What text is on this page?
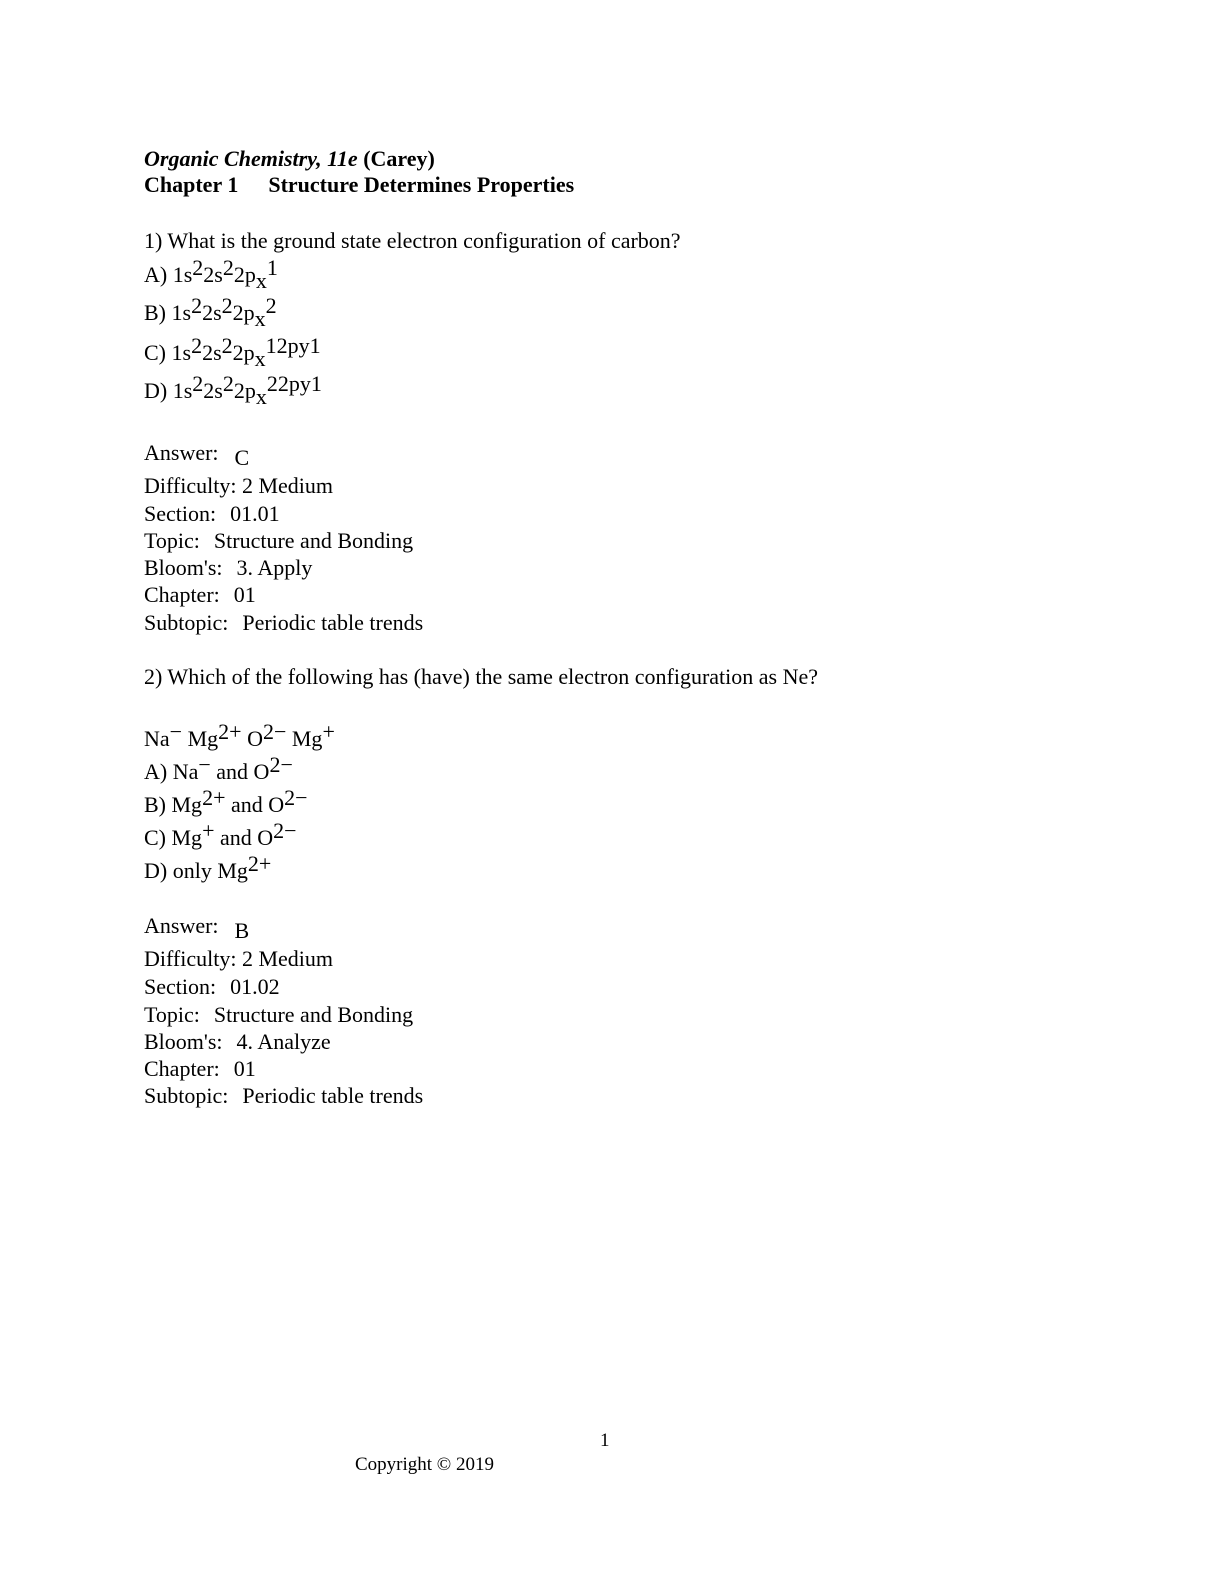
Organic Chemistry, 11e (Carey)
Chapter 1 Structure Determines Properties
1) What is the ground state electron configuration of carbon?
A) 1s22s22px1
B) 1s22s22px2
C) 1s22s22px12py1
D) 1s22s22px22py1
Answer: C
Difficulty: 2 Medium
Section: 01.01
Topic: Structure and Bonding
Bloom's: 3. Apply
Chapter: 01
Subtopic: Periodic table trends
2) Which of the following has (have) the same electron configuration as Ne?
Na− Mg2+ O2− Mg+
A) Na− and O2−
B) Mg2+ and O2−
C) Mg+ and O2−
D) only Mg2+
Answer: B
Difficulty: 2 Medium
Section: 01.02
Topic: Structure and Bonding
Bloom's: 4. Analyze
Chapter: 01
Subtopic: Periodic table trends
1
Copyright © 2019
